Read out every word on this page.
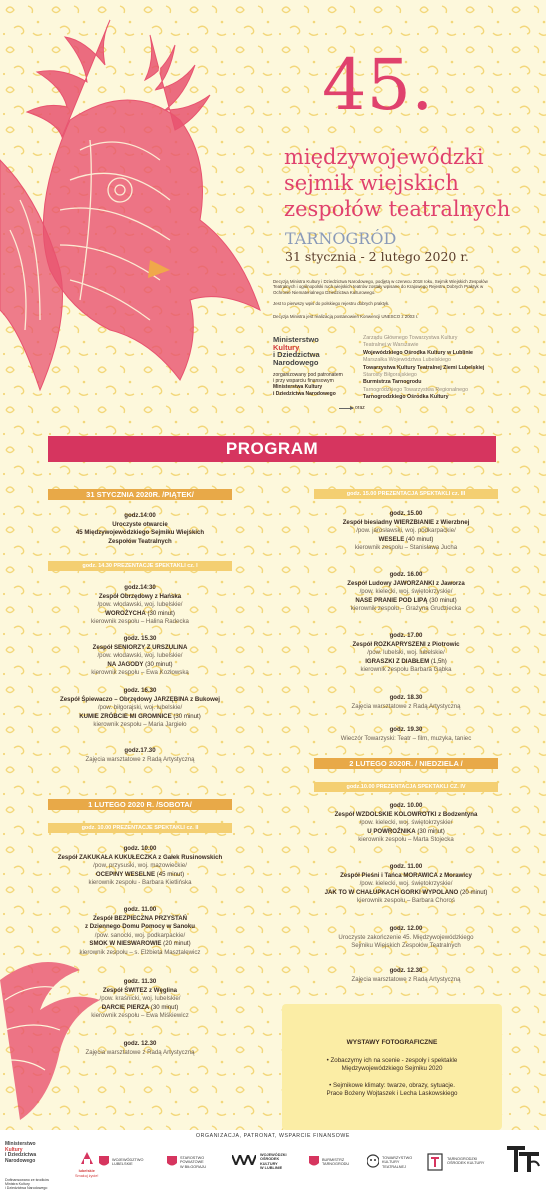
45.
międzywojewódzki
sejmik wiejskich
zespołów teatralnych
TARNOGRÓD
31 stycznia - 2 lutego 2020 r.
Decyzją Ministra Kultury i Dziedzictwa Narodowego, podjętą w czerwcu 2018 roku, Sejmik Wiejskich Zespołów Teatralnych i ogólnopolski ruch wiejskich teatrów zostały wpisane do Krajowego Rejestru Dobrych Praktyk w Ochronie Niematerialnego Dziedzictwa Kulturowego.
Jest to pierwszy wpis do polskiego rejestru dobrych praktyk.
Decyzja Ministra jest realizacją postanowień Konwencji UNESCO z 2003 r.
Ministerstwo
Kultury
i Dziedzictwa
Narodowego
zorganizowany pod patronatem
i przy wsparciu finansowym
Ministerstwa Kultury
i Dziedzictwa Narodowego
oraz
Zarządu Głównego Towarzystwa Kultury
Teatralnej w Warszawie
Wojewódzkiego Ośrodka Kultury w Lublinie
Marszałka Województwa Lubelskiego
Towarzystwa Kultury Teatralnej Ziemi Lubelskiej
Starosty Biłgorajskiego
Burmistrza Tarnogrodu
Tarnogrodzkiego Towarzystwa Regionalnego
Tarnogrodzkiego Ośrodka Kultury
PROGRAM
31 STYCZNIA 2020R. /PIĄTEK/
godz.14:00
Uroczyste otwarcie
45 Międzywojewódzkiego Sejmiku Wiejskich
Zespołów Teatralnych
godz. 14.30 PREZENTACJE SPEKTAKLI cz. I
godz.14:30
Zespół Obrzędowy z Hańska
/pow. włodawski, woj. lubelskie/
WOROŻYCHA (30 minut)
kierownik zespołu – Halina Radecka
godz. 15.30
Zespół SENIORZY Z URSZULINA
/pow. włodawski, woj. lubelskie/
NA JAGODY (30 minut)
kierownik zespołu – Ewa Kozłowska
godz. 16.30
Zespół Śpiewaczo – Obrzędowy JARZĘBINA z Bukowej
/pow. biłgorajski, woj. lubelskie/
KUMIE ZRÓBCIE MI GROMNICE (30 minut)
kierownik zespołu – Maria Jargieło
godz.17.30
Zajęcia warsztatowe z Radą Artystyczną
1 LUTEGO 2020 R. /SOBOTA/
godz. 10.00 PREZENTACJE SPEKTAKLI cz. II
godz. 10.00
Zespół ZAKUKAŁA KUKUŁECZKA z Gałek Rusinowskich
/pow. przysuski, woj. mazowieckie/
OCEPINY WESELNE (45 minut)
kierownik zespołu - Barbara Kietlińska
godz. 11.00
Zespół BEZPIECZNA PRZYSTAŃ
z Dziennego Domu Pomocy w Sanoku
/pow. sanocki, woj. podkarpackie/
SMOK W NIESWAROWIE (20 minut)
kierownik zespołu – s. Elżbieta Masztalewicz
godz. 11.30
Zespół ŚWITEZ z Węglina
/pow. kraśnicki, woj. lubelskie/
DARCIE PIERZA (30 minut)
kierownik zespołu – Ewa Miśkiewicz
godz. 12.30
Zajęcia warsztatowe z Radą Artystyczną
godz. 15.00 PREZENTACJA SPEKTAKLI cz. III
godz. 15.00
Zespół biesiadny WIERZBIANIE z Wierzbnej
/pow. jarosławski, woj. podkarpackie/
WESELE (40 minut)
kierownik zespołu – Stanisława Jucha
godz. 16.00
Zespół Ludowy JAWORZANKI z Jaworza
/pow. kielecki, woj. świętokrzyskie/
NASE PRANIE POD LIPĄ (30 minut)
kierownik zespołu – Grażyna Grudziecka
godz. 17.00
Zespół ROZKAPRYSZENI z Piotrowic
/pow. lubelski, woj. lubelskie/
IGRASZKI Z DIABŁEM (1,5h)
kierownik zespołu Barbara Gąbka
godz. 18.30
Zajęcia warsztatowe z Radą Artystyczną
godz. 19.30
Wieczór Towarzyski: Teatr – film, muzyka, taniec
2 LUTEGO 2020R. / NIEDZIELA /
godz.10.00 PREZENTACJA SPEKTAKLI CZ. IV
godz. 10.00
Zespół WZDOLSKIE KOLOWROTKI z Bodzentyna
/pow. kielecki, woj. świętokrzyskie/
U POWROŹNIKA (30 minut)
kierownik zespołu – Marta Stojecka
godz. 11.00
Zespół Pieśni i Tańca MORAWICA z Morawicy
/pow. kielecki, woj. świętokrzyskie/
JAK TO W CHAŁUPKACH GORKI WYPOLANO (20 minut)
kierownik zespołu – Barbara Choroś
godz. 12.00
Uroczyste zakończenie 45. Międzywojewódzkiego
Sejmiku Wiejskich Zespołów Teatralnych
godz. 12.30
Zajęcia warsztatowe z Radą Artystyczną
WYSTAWY FOTOGRAFICZNE

• Zobaczymy ich na scenie - zespoły i spektakle
Międzywojewódzkiego Sejmiku 2020

• Sejmikowe klimaty: twarze, obrazy, sytuacje.
Prace Bożeny Wojtaszek i Lecha Laskowskiego

ORGANIZACJA, PATRONAT, WSPARCIE FINANSOWE
Ministerstwo
Kultury
i Dziedzictwa
Narodowego
Dofinansowano ze środków
Ministra Kultury
i Dziedzictwa Narodowego
lubelskie
Smakuj życie!
WOJEWÓDZTWO
LUBELSKIE
STAROSTWO
POWIATOWE
W BIŁGORAJU
WOJEWÓDZKI
OŚRODEK
KULTURY
W LUBLINIE
BURMISTRZ
TARNOGRODU
TOWARZYSTWO
KULTURY
TEATRALNEJ
TARNOGRODZKI
OŚRODEK KULTURY
